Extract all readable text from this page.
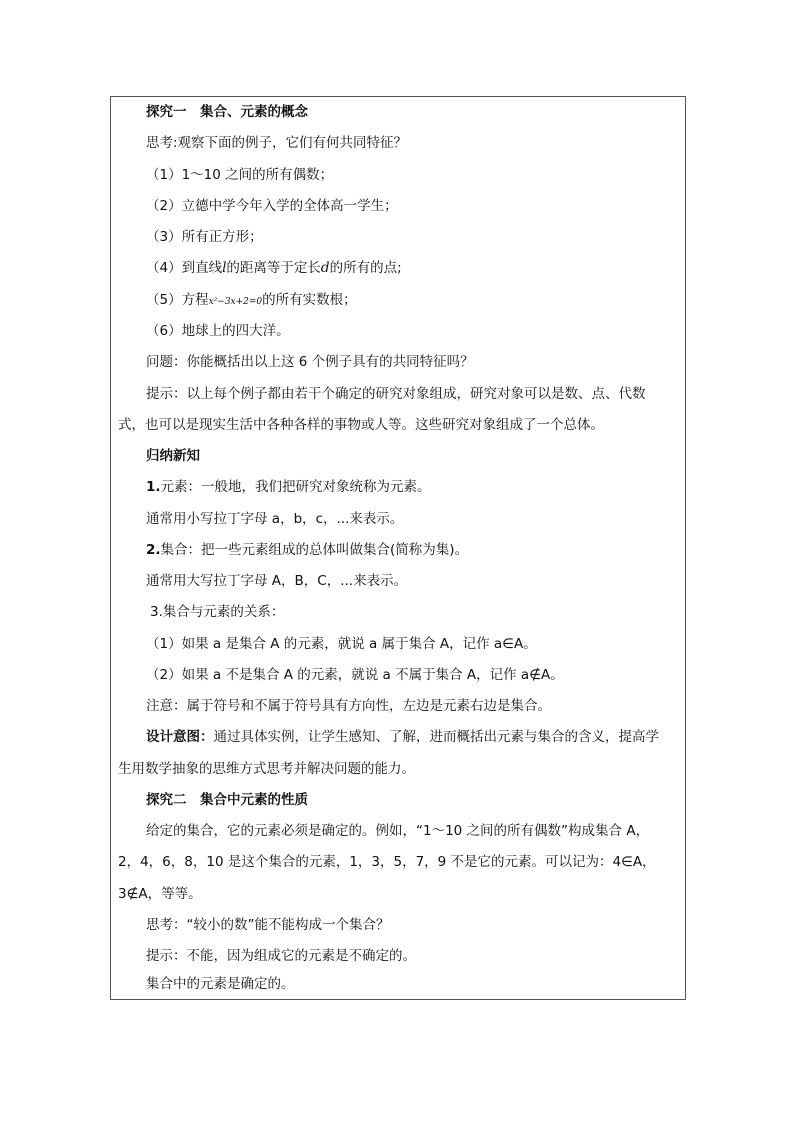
探究一　集合、元素的概念
思考:观察下面的例子，它们有何共同特征？
（1）1～10 之间的所有偶数；
（2）立德中学今年入学的全体高一学生；
（3）所有正方形；
（4）到直线l的距离等于定长d的所有的点;
（5）方程x²−3x+2=0的所有实数根；
（6）地球上的四大洋。
问题：你能概括出以上这 6 个例子具有的共同特征吗？
提示：以上每个例子都由若干个确定的研究对象组成，研究对象可以是数、点、代数
式，也可以是现实生活中各种各样的事物或人等。这些研究对象组成了一个总体。
归纳新知
1.元素：一般地，我们把研究对象统称为元素。
通常用小写拉丁字母 a，b，c，...来表示。
2.集合：把一些元素组成的总体叫做集合(简称为集)。
通常用大写拉丁字母 A，B，C，...来表示。
3.集合与元素的关系：
（1）如果 a 是集合 A 的元素，就说 a 属于集合 A，记作 a∈A。
（2）如果 a 不是集合 A 的元素，就说 a 不属于集合 A，记作 a∉A。
注意：属于符号和不属于符号具有方向性，左边是元素右边是集合。
设计意图：通过具体实例，让学生感知、了解，进而概括出元素与集合的含义，提高学
生用数学抽象的思维方式思考并解决问题的能力。
探究二　集合中元素的性质
给定的集合，它的元素必须是确定的。例如，“1～10 之间的所有偶数”构成集合 A，
2，4，6，8，10 是这个集合的元素，1，3，5，7，9 不是它的元素。可以记为：4∈A，
3∉A，等等。
思考：“较小的数”能不能构成一个集合？
提示：不能，因为组成它的元素是不确定的。
集合中的元素是确定的。
